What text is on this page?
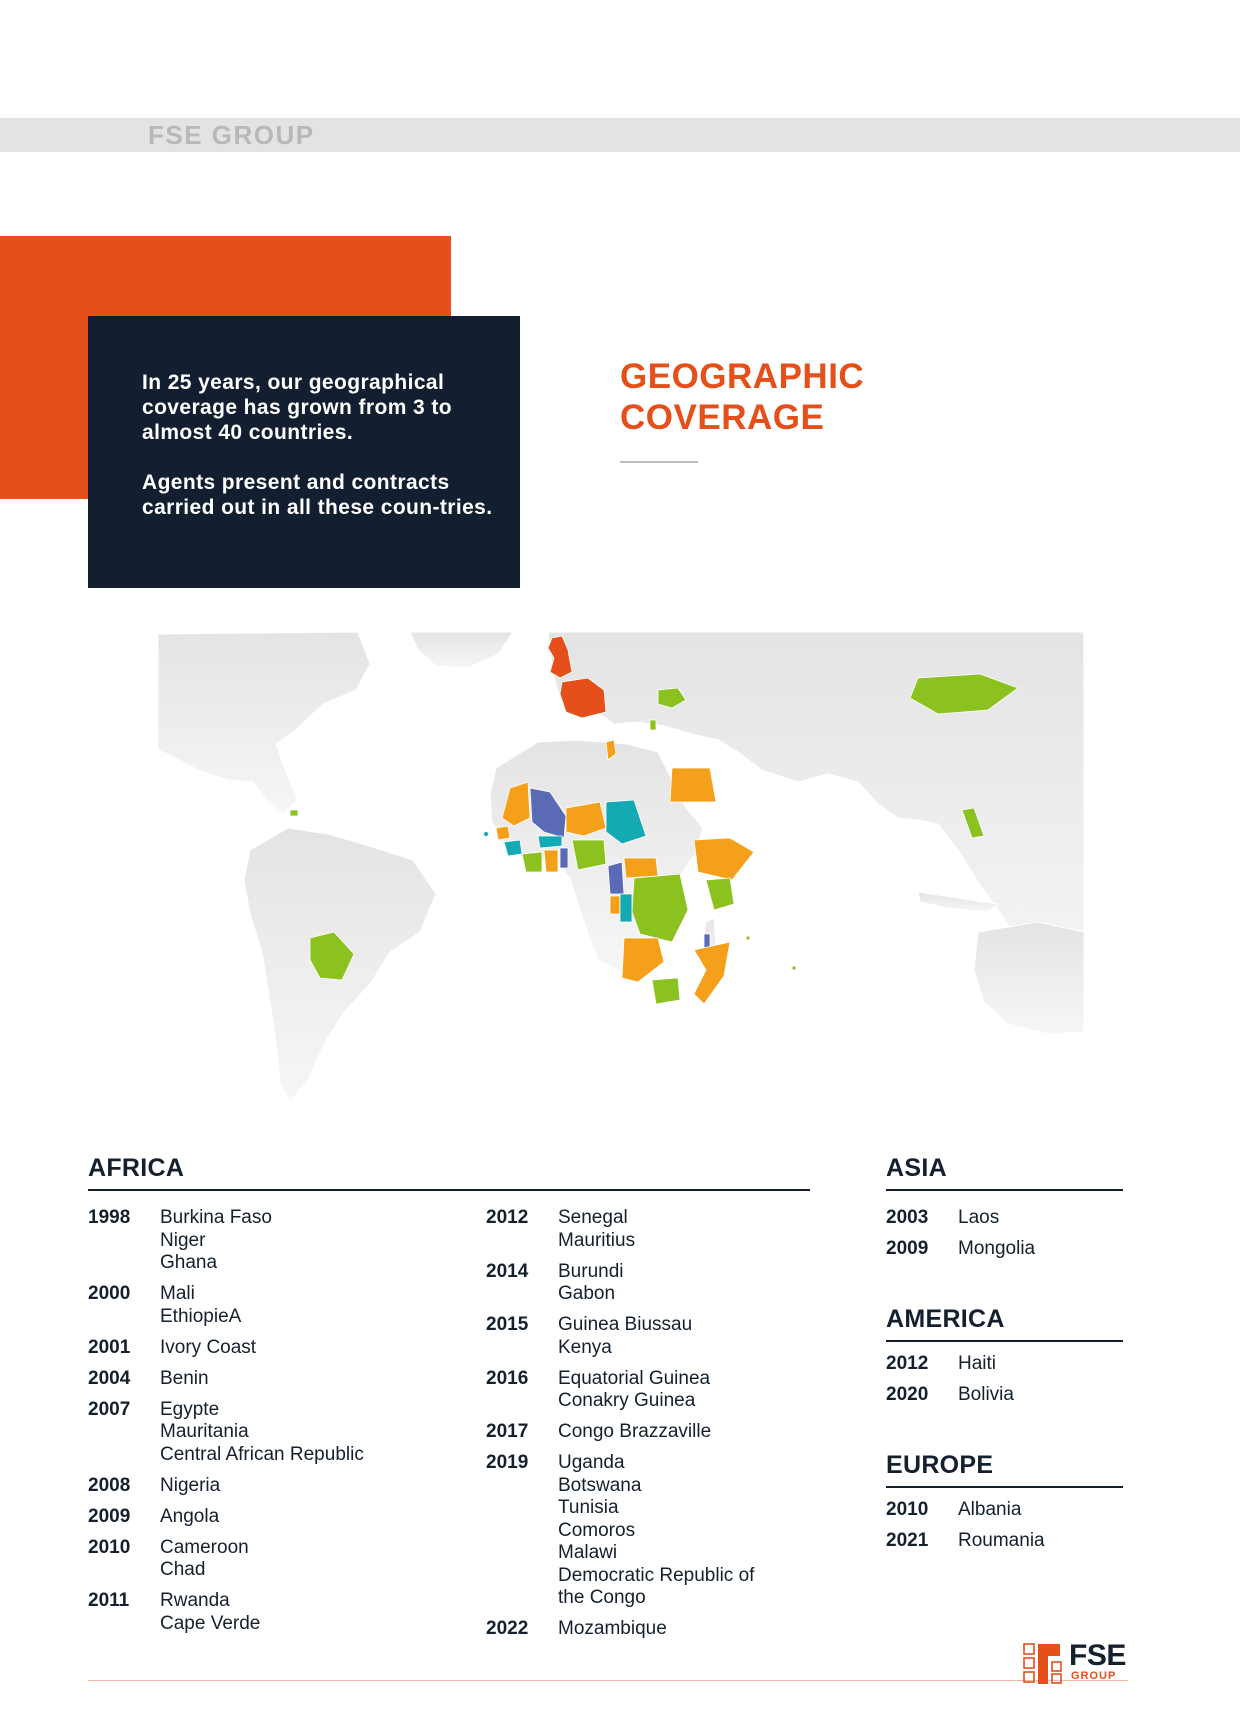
FSE GROUP

In 25 years, our geographical coverage has grown from 3 to almost 40 countries.

Agents present and contracts carried out in all these coun-tries.

GEOGRAPHIC
COVERAGE
AFRICA
1998 Burkina Faso
Niger
Ghana
2000 Mali
EthiopieA
2001 Ivory Coast
2004 Benin
2007 Egypte
Mauritania
Central African Republic
2008 Nigeria
2009 Angola
2010 Cameroon
Chad
2011 Rwanda
Cape Verde
2012 Senegal
Mauritius
2014 Burundi
Gabon
2015 Guinea Biussau
Kenya
2016 Equatorial Guinea
Conakry Guinea
2017 Congo Brazzaville
2019 Uganda
Botswana
Tunisia
Comoros
Malawi
Democratic Republic of
the Congo
2022 Mozambique
ASIA
2003 Laos
2009 Mongolia
AMERICA
2012 Haiti
2020 Bolivia
EUROPE
2010 Albania
2021 Roumania
FSE
GROUP
